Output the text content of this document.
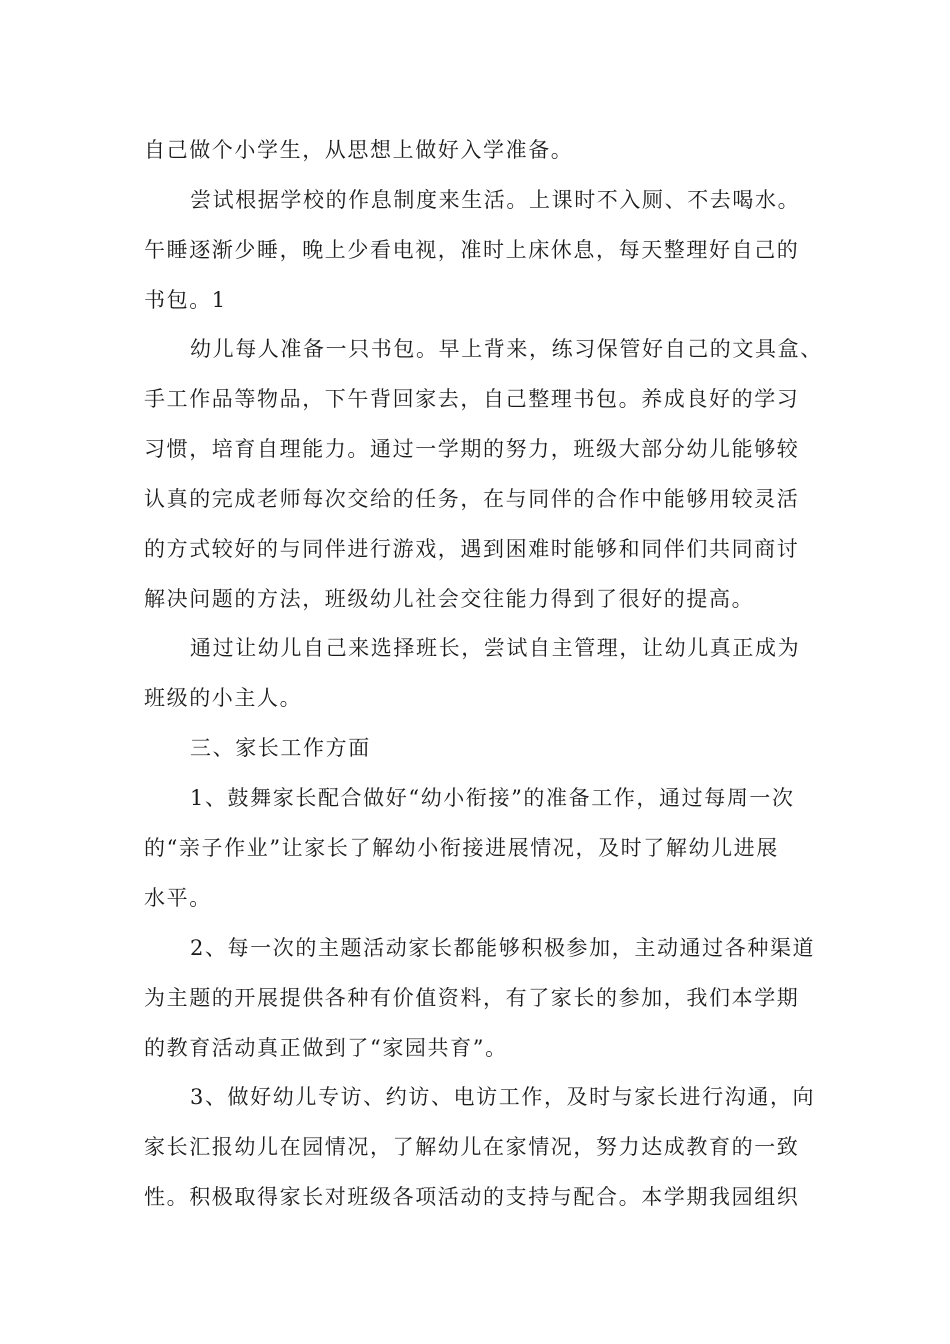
自己做个小学生，从思想上做好入学准备。
尝试根据学校的作息制度来生活。上课时不入厕、不去喝水。
午睡逐渐少睡，晚上少看电视，准时上床休息，每天整理好自己的
书包。1
幼儿每人准备一只书包。早上背来，练习保管好自己的文具盒、
手工作品等物品，下午背回家去，自己整理书包。养成良好的学习
习惯，培育自理能力。通过一学期的努力，班级大部分幼儿能够较
认真的完成老师每次交给的任务，在与同伴的合作中能够用较灵活
的方式较好的与同伴进行游戏，遇到困难时能够和同伴们共同商讨
解决问题的方法，班级幼儿社会交往能力得到了很好的提高。
通过让幼儿自己来选择班长，尝试自主管理，让幼儿真正成为
班级的小主人。
三、家长工作方面
1、鼓舞家长配合做好“幼小衔接”的准备工作，通过每周一次
的“亲子作业”让家长了解幼小衔接进展情况，及时了解幼儿进展
水平。
2、每一次的主题活动家长都能够积极参加，主动通过各种渠道
为主题的开展提供各种有价值资料，有了家长的参加，我们本学期
的教育活动真正做到了“家园共育”。
3、做好幼儿专访、约访、电访工作，及时与家长进行沟通，向
家长汇报幼儿在园情况，了解幼儿在家情况，努力达成教育的一致
性。积极取得家长对班级各项活动的支持与配合。本学期我园组织
